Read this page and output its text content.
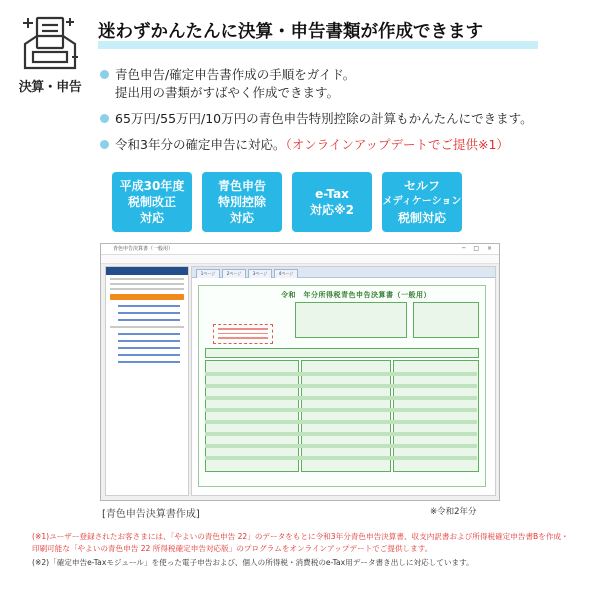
決算・申告
迷わずかんたんに決算・申告書類が作成できます
青色申告/確定申告書作成の手順をガイド。
提出用の書類がすばやく作成できます。
65万円/55万円/10万円の青色申告特別控除の計算もかんたんにできます。
令和3年分の確定申告に対応。（オンラインアップデートでご提供※1）
平成30年度
税制改正
対応
青色申告
特別控除
対応
e-Tax
対応※2
セルフ
メディケーション
税制対応
青色申告決算書（一般用）	─ □ ×
1ページ	2ページ	3ページ	4ページ
令和　年分所得税青色申告決算書（一般用）
[青色申告決算書作成]	※令和2年分

(※1)ユーザー登録されたお客さまには、「やよいの青色申告 22」のデータをもとに令和3年分青色申告決算書、収支内訳書および所得税確定申告書Bを作成・印刷可能な「やよいの青色申告 22 所得税確定申告対応版」のプログラムをオンラインアップデートでご提供します。

(※2)「確定申告e-Taxモジュール」を使った電子申告および、個人の所得税・消費税のe-Tax用データ書き出しに対応しています。
